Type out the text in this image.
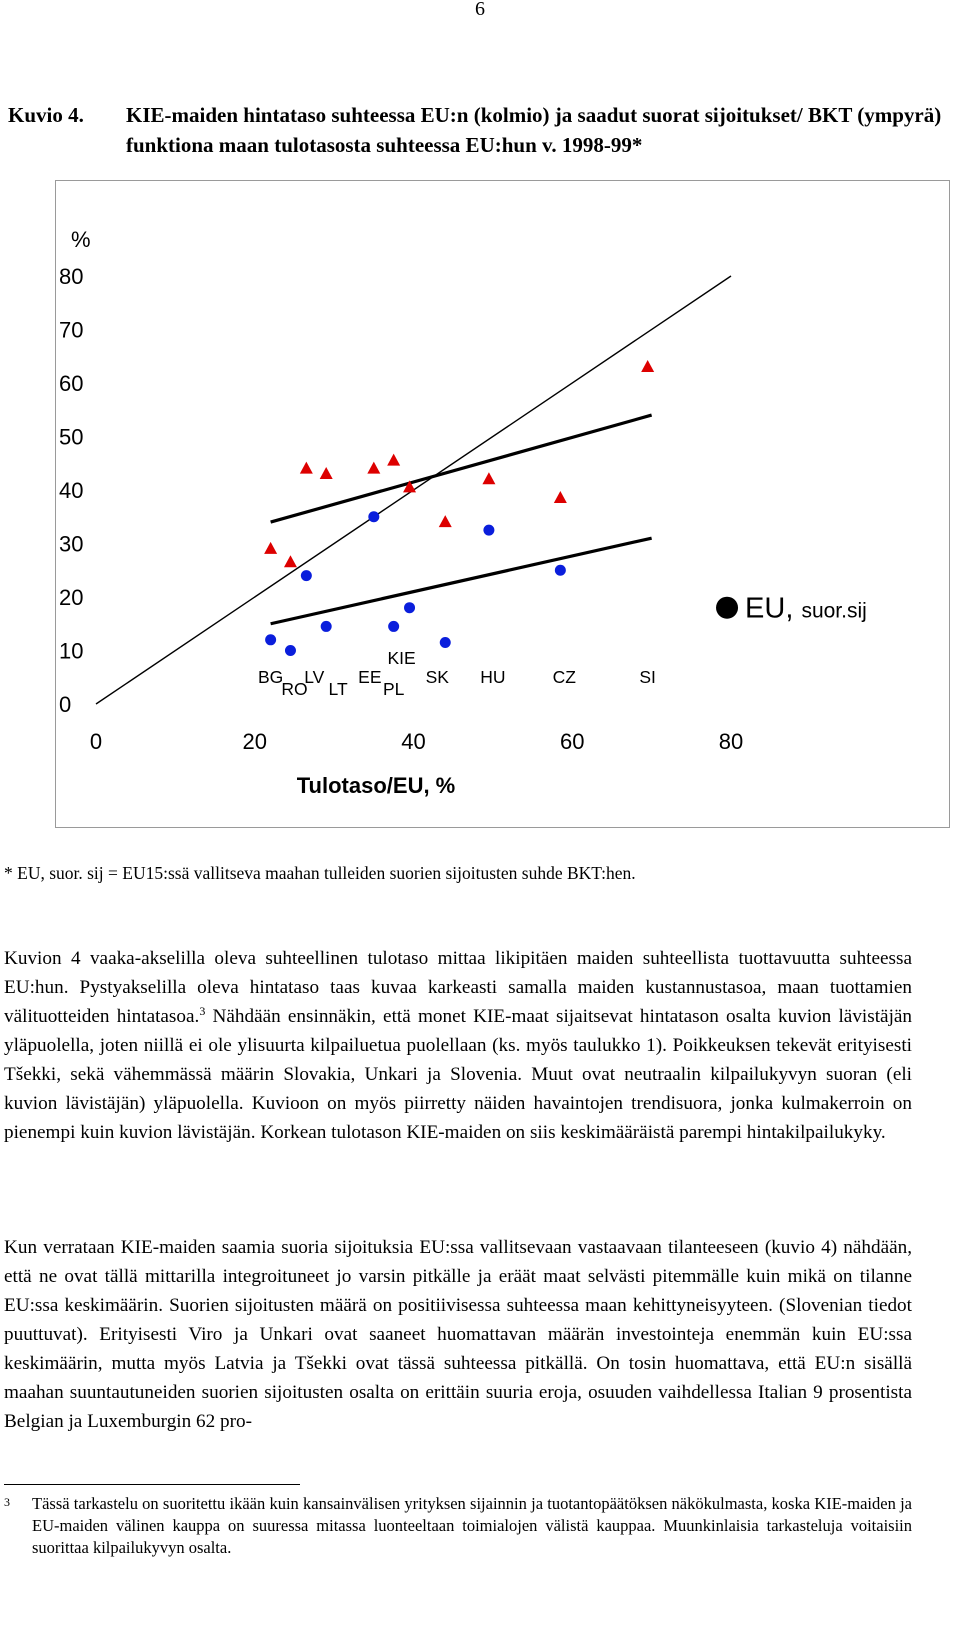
6
Kuvio 4. KIE-maiden hintataso suhteessa EU:n (kolmio) ja saadut suorat sijoitukset/ BKT (ympyrä) funktiona maan tulotasosta suhteessa EU:hun v. 1998-99*
%
Tulotaso/EU, %
0
10
20
30
40
50
60
70
80
0	20	40	60	80
EU, suor.sij
BG
RO
LV
LT
EE
KIE
PL
SK HU	CZ	SI
* EU, suor. sij = EU15:ssä vallitseva maahan tulleiden suorien sijoitusten suhde BKT:hen.

Kuvion 4 vaaka-akselilla oleva suhteellinen tulotaso mittaa likipitäen maiden suhteellista tuottavuutta suhteessa EU:hun. Pystyakselilla oleva hintataso taas kuvaa karkeasti samalla maiden kustannustasoa, maan tuottamien välituotteiden hintatasoa.$^3$ Nähdään ensinnäkin, että monet KIE-maat sijaitsevat hintatason osalta kuvion lävistäjän yläpuolella, joten niillä ei ole ylisuurta kilpailuetua puolellaan (ks. myös taulukko 1). Poikkeuksen tekevät erityisesti Tšekki, sekä vähemmässä määrin Slovakia, Unkari ja Slovenia. Muut ovat neutraalin kilpailukyvyn suoran (eli kuvion lävistäjän) yläpuolella. Kuvioon on myös piirretty näiden havaintojen trendisuora, jonka kulmakerroin on pienempi kuin kuvion lävistäjän. Korkean tulotason KIE-maiden on siis keskimääräistä parempi hintakilpailukyky.

Kun verrataan KIE-maiden saamia suoria sijoituksia EU:ssa vallitsevaan vastaavaan tilanteeseen (kuvio 4) nähdään, että ne ovat tällä mittarilla integroituneet jo varsin pitkälle ja eräät maat selvästi pitemmälle kuin mikä on tilanne EU:ssa keskimäärin. Suorien sijoitusten määrä on positiivisessa suhteessa maan kehittyneisyyteen. (Slovenian tiedot puuttuvat). Erityisesti Viro ja Unkari ovat saaneet huomattavan määrän investointeja enemmän kuin EU:ssa keskimäärin, mutta myös Latvia ja Tšekki ovat tässä suhteessa pitkällä. On tosin huomattava, että EU:n sisällä maahan suuntautuneiden suorien sijoitusten osalta on erittäin suuria eroja, osuuden vaihdellessa Italian 9 prosentista Belgian ja Luxemburgin 62 pro-

3 Tässä tarkastelu on suoritettu ikään kuin kansainvälisen yrityksen sijainnin ja tuotantopäätöksen näkökulmasta, koska KIE-maiden ja EU-maiden välinen kauppa on suuressa mitassa luonteeltaan toimialojen välistä kauppaa. Muunkinlaisia tarkasteluja voitaisiin suorittaa kilpailukyvyn osalta.
